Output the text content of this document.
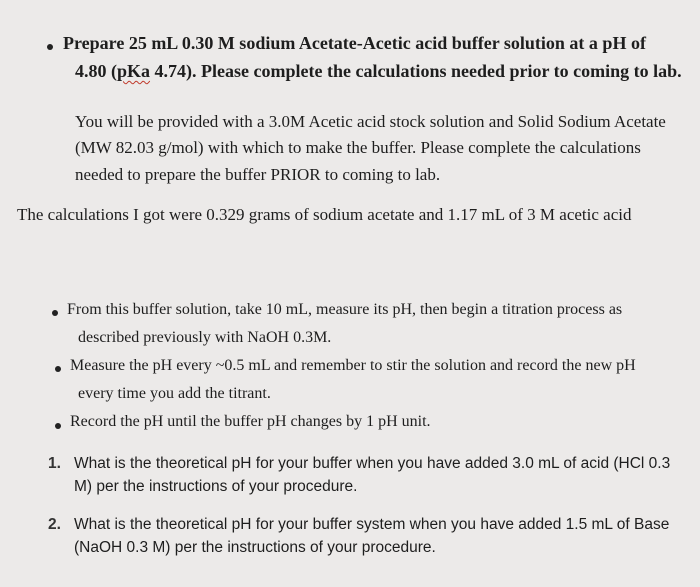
Prepare 25 mL 0.30 M sodium Acetate-Acetic acid buffer solution at a pH of
4.80 (pKa 4.74). Please complete the calculations needed prior to coming to lab.
You will be provided with a 3.0M Acetic acid stock solution and Solid Sodium Acetate
(MW 82.03 g/mol) with which to make the buffer. Please complete the calculations
needed to prepare the buffer PRIOR to coming to lab.
The calculations I got were 0.329 grams of sodium acetate and 1.17 mL of 3 M acetic acid
From this buffer solution, take 10 mL, measure its pH, then begin a titration process as
described previously with NaOH 0.3M.
Measure the pH every ~0.5 mL and remember to stir the solution and record the new pH
every time you add the titrant.
Record the pH until the buffer pH changes by 1 pH unit.
1. What is the theoretical pH for your buffer when you have added 3.0 mL of acid (HCl 0.3
M) per the instructions of your procedure.
2. What is the theoretical pH for your buffer system when you have added 1.5 mL of Base
(NaOH 0.3 M) per the instructions of your procedure.
